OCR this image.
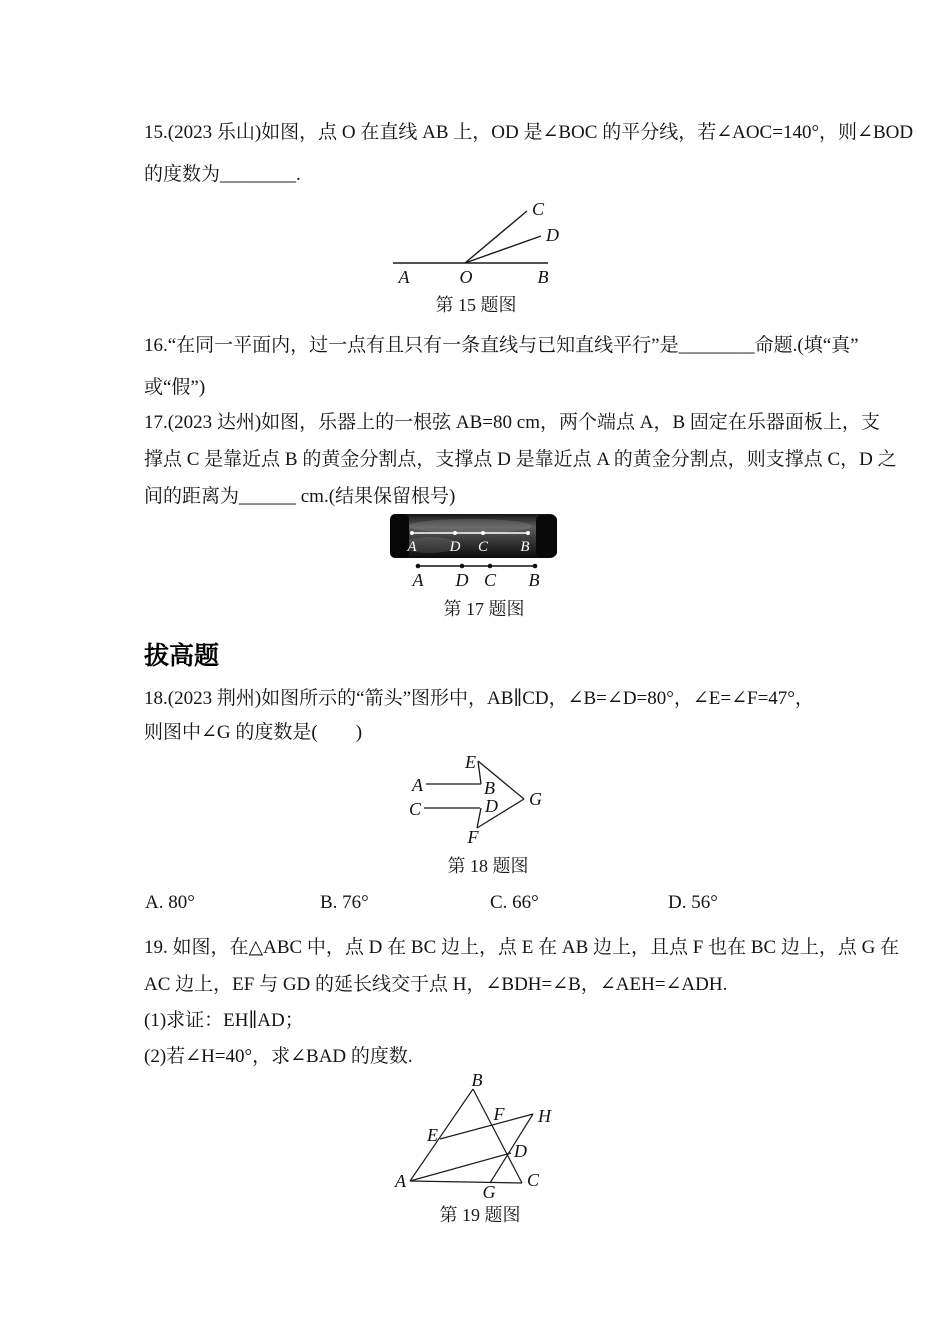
15.(2023 乐山)如图，点 O 在直线 AB 上，OD 是∠BOC 的平分线，若∠AOC=140°，则∠BOD
的度数为________.
A	O	B
C
D
第 15 题图
16.“在同一平面内，过一点有且只有一条直线与已知直线平行”是________命题.(填“真”
或“假”)
17.(2023 达州)如图，乐器上的一根弦 AB=80 cm，两个端点 A，B 固定在乐器面板上，支
撑点 C 是靠近点 B 的黄金分割点，支撑点 D 是靠近点 A 的黄金分割点，则支撑点 C，D 之
间的距离为______ cm.(结果保留根号)
A D C B
A D C B
第 17 题图
拔高题
18.(2023 荆州)如图所示的“箭头”图形中，AB∥CD，∠B=∠D=80°，∠E=∠F=47°，
则图中∠G 的度数是(　　)
E
A	B
G
C	D
F
第 18 题图
A. 80°	B. 76°	C. 66°	D. 56°
19. 如图，在△ABC 中，点 D 在 BC 边上，点 E 在 AB 边上，且点 F 也在 BC 边上，点 G 在
AC 边上，EF 与 GD 的延长线交于点 H，∠BDH=∠B，∠AEH=∠ADH.
(1)求证：EH∥AD；
(2)若∠H=40°，求∠BAD 的度数.
B
F H
E
D
A	C
G
第 19 题图
